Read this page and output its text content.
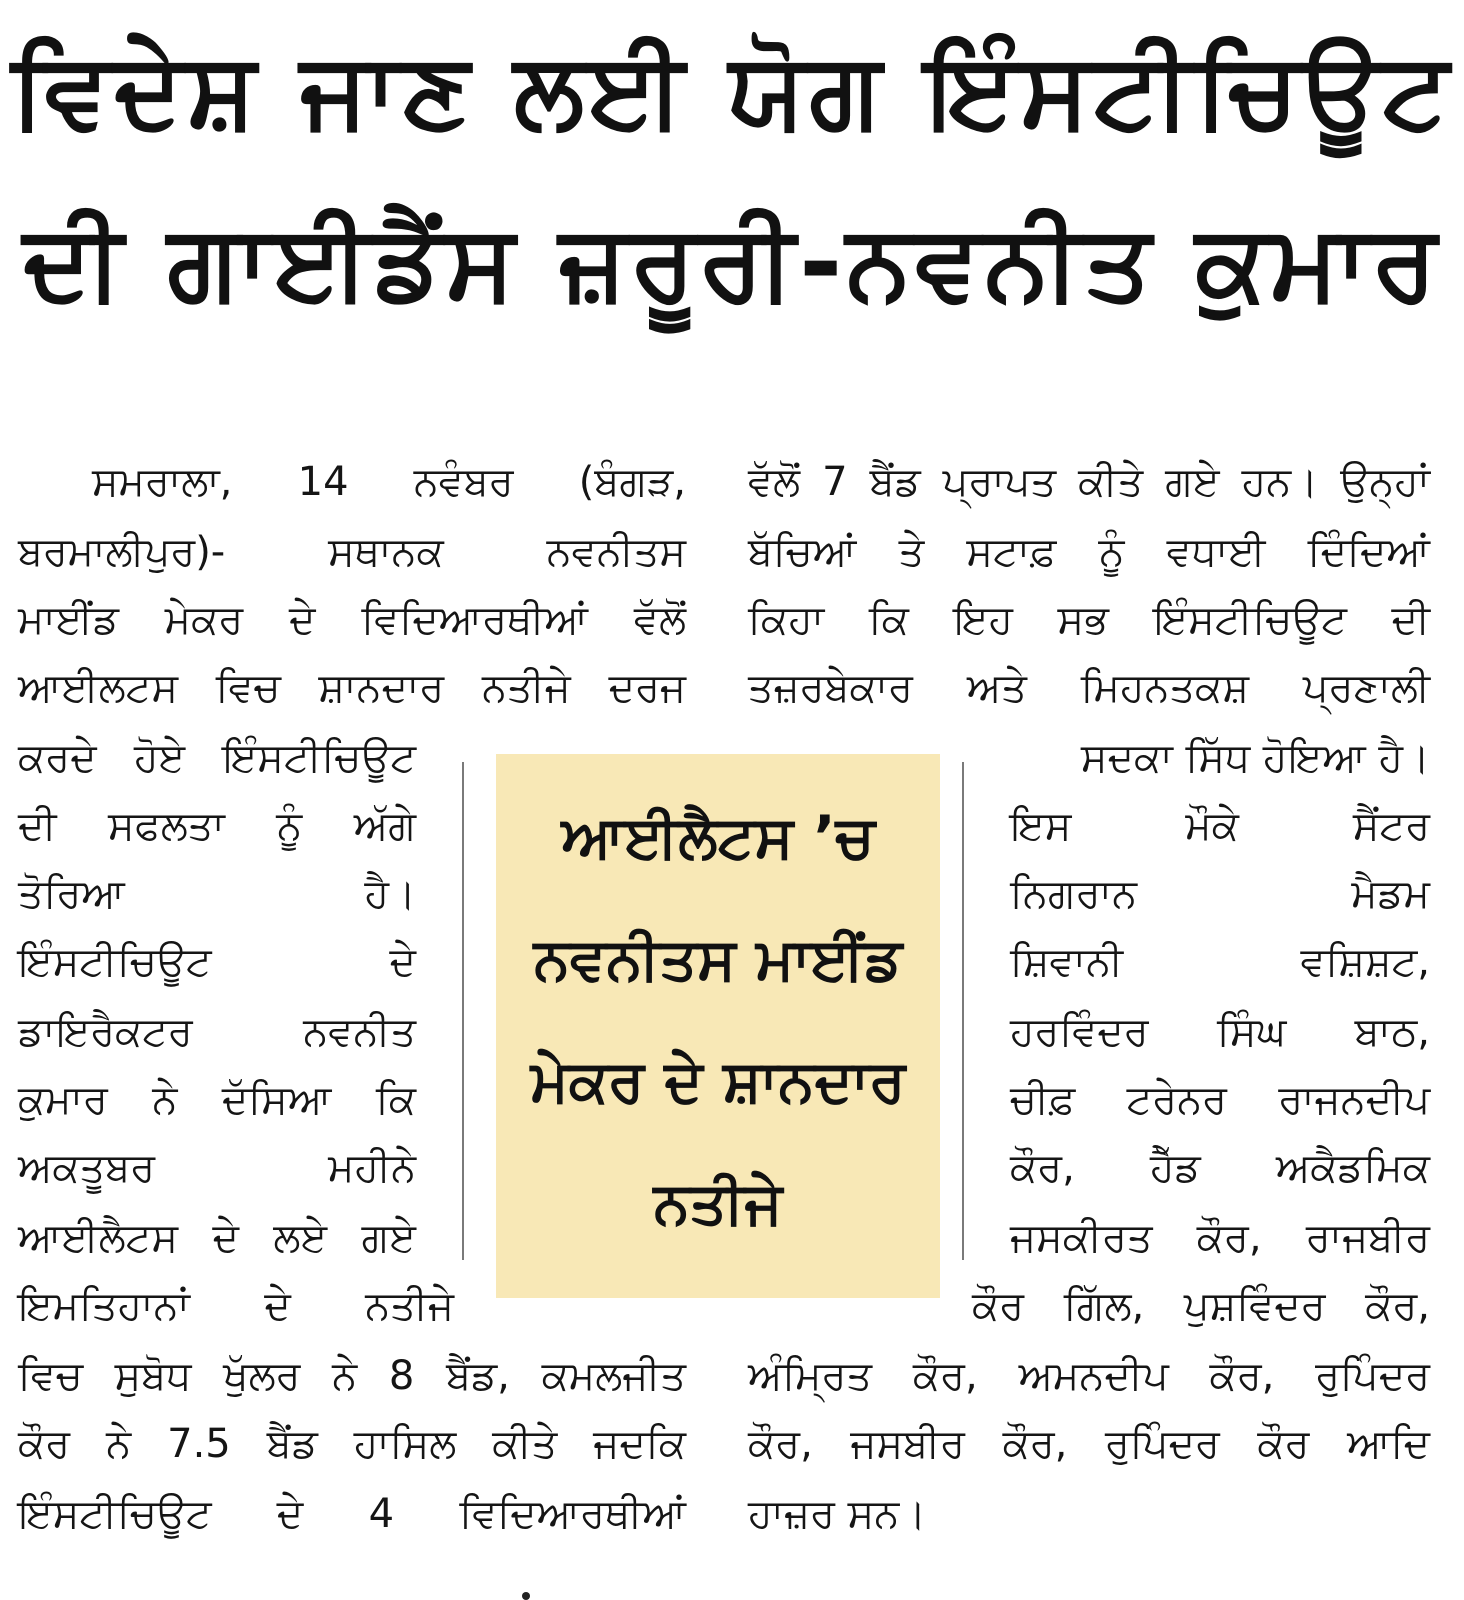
ਵਿਦੇਸ਼ ਜਾਣ ਲਈ ਯੋਗ ਇੰਸਟੀਚਿਊਟ
ਦੀ ਗਾਈਡੈਂਸ ਜ਼ਰੂਰੀ-ਨਵਨੀਤ ਕੁਮਾਰ
ਆਈਲੈਟਸ ’ਚ
ਨਵਨੀਤਸ ਮਾਈਂਡ
ਮੇਕਰ ਦੇ ਸ਼ਾਨਦਾਰ
ਨਤੀਜੇ
ਸਮਰਾਲਾ, 14 ਨਵੰਬਰ (ਬੰਗੜ,
ਬਰਮਾਲੀਪੁਰ)- ਸਥਾਨਕ ਨਵਨੀਤਸ
ਮਾਈਂਡ ਮੇਕਰ ਦੇ ਵਿਦਿਆਰਥੀਆਂ ਵੱਲੋਂ
ਆਈਲਟਸ ਵਿਚ ਸ਼ਾਨਦਾਰ ਨਤੀਜੇ ਦਰਜ
ਕਰਦੇ ਹੋਏ ਇੰਸਟੀਚਿਊਟ
ਦੀ ਸਫਲਤਾ ਨੂੰ ਅੱਗੇ
ਤੋਰਿਆ ਹੈ।
ਇੰਸਟੀਚਿਊਟ ਦੇ
ਡਾਇਰੈਕਟਰ ਨਵਨੀਤ
ਕੁਮਾਰ ਨੇ ਦੱਸਿਆ ਕਿ
ਅਕਤੂਬਰ ਮਹੀਨੇ
ਆਈਲੈਟਸ ਦੇ ਲਏ ਗਏ
ਇਮਤਿਹਾਨਾਂ ਦੇ ਨਤੀਜੇ
ਵਿਚ ਸੁਬੋਧ ਖੁੱਲਰ ਨੇ 8 ਬੈਂਡ, ਕਮਲਜੀਤ
ਕੌਰ ਨੇ 7.5 ਬੈਂਡ ਹਾਸਿਲ ਕੀਤੇ ਜਦਕਿ
ਇੰਸਟੀਚਿਊਟ ਦੇ 4 ਵਿਦਿਆਰਥੀਆਂ
ਵੱਲੋਂ 7 ਬੈਂਡ ਪ੍ਰਾਪਤ ਕੀਤੇ ਗਏ ਹਨ। ਉਨ੍ਹਾਂ
ਬੱਚਿਆਂ ਤੇ ਸਟਾਫ਼ ਨੂੰ ਵਧਾਈ ਦਿੰਦਿਆਂ
ਕਿਹਾ ਕਿ ਇਹ ਸਭ ਇੰਸਟੀਚਿਊਟ ਦੀ
ਤਜ਼ਰਬੇਕਾਰ ਅਤੇ ਮਿਹਨਤਕਸ਼ ਪ੍ਰਣਾਲੀ
ਸਦਕਾ ਸਿੱਧ ਹੋਇਆ ਹੈ।
ਇਸ ਮੌਕੇ ਸੈਂਟਰ
ਨਿਗਰਾਨ ਮੈਡਮ
ਸ਼ਿਵਾਨੀ ਵਸ਼ਿਸ਼ਟ,
ਹਰਵਿੰਦਰ ਸਿੰਘ ਬਾਠ,
ਚੀਫ਼ ਟਰੇਨਰ ਰਾਜਨਦੀਪ
ਕੌਰ, ਹੈੱਡ ਅਕੈਡਮਿਕ
ਜਸਕੀਰਤ ਕੌਰ, ਰਾਜਬੀਰ
ਕੌਰ ਗਿੱਲ, ਪੁਸ਼ਵਿੰਦਰ ਕੌਰ,
ਅੰਮ੍ਰਿਤ ਕੌਰ, ਅਮਨਦੀਪ ਕੌਰ, ਰੁਪਿੰਦਰ
ਕੌਰ, ਜਸਬੀਰ ਕੌਰ, ਰੁਪਿੰਦਰ ਕੌਰ ਆਦਿ
ਹਾਜ਼ਰ ਸਨ।
